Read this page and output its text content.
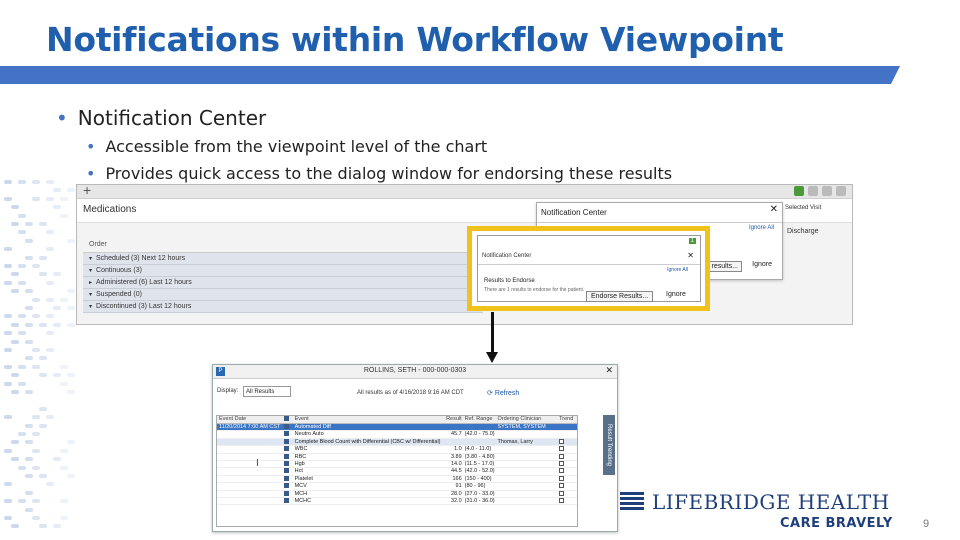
Notifications within Workflow Viewpoint
• Notification Center
• Accessible from the viewpoint level of the chart
• Provides quick access to the dialog window for endorsing these results
+
Medications
Order
▾ Scheduled (3) Next 12 hours
▾ Continuous (3)
▸ Administered (6) Last 12 hours
▾ Suspended (0)
▾ Discontinued (3) Last 12 hours
Notification Center	✕
Ignore All
results...	Ignore
Selected Visit
Discharge
1
Notification Center	✕
Ignore All
Results to Endorse
There are 1 results to endorse for the patient.
Endorse Results...	Ignore
P	ROLLINS, SETH - 000-000-0303	✕
Display:	All Results	All results as of 4/16/2018 9:16 AM CDT	⟳ Refresh
Event Date	Event	Result Ref. Range Ordering Clinician	Trend
11/20/2014 7:00 AM CST	Automated Diff	SYSTEM, SYSTEM
Neutro Auto	45.7 (42.0 - 75.0)
Complete Blood Count with Differential (CBC w/ Differential)	Thomas, Larry
WBC	1.0 (4.0 - 11.0)
RBC	3.89 (3.80 - 4.80)
Hgb	14.0 (11.5 - 17.0)
Hct	44.5 (42.0 - 52.0)
Platelet	166 (150 - 400)
MCV	91 (80 - 96)
MCH	28.0 (27.0 - 33.0)
MCHC	32.0 (31.0 - 36.0)
Result Trending
I
LIFEBRIDGE HEALTH
CARE BRAVELY	9
